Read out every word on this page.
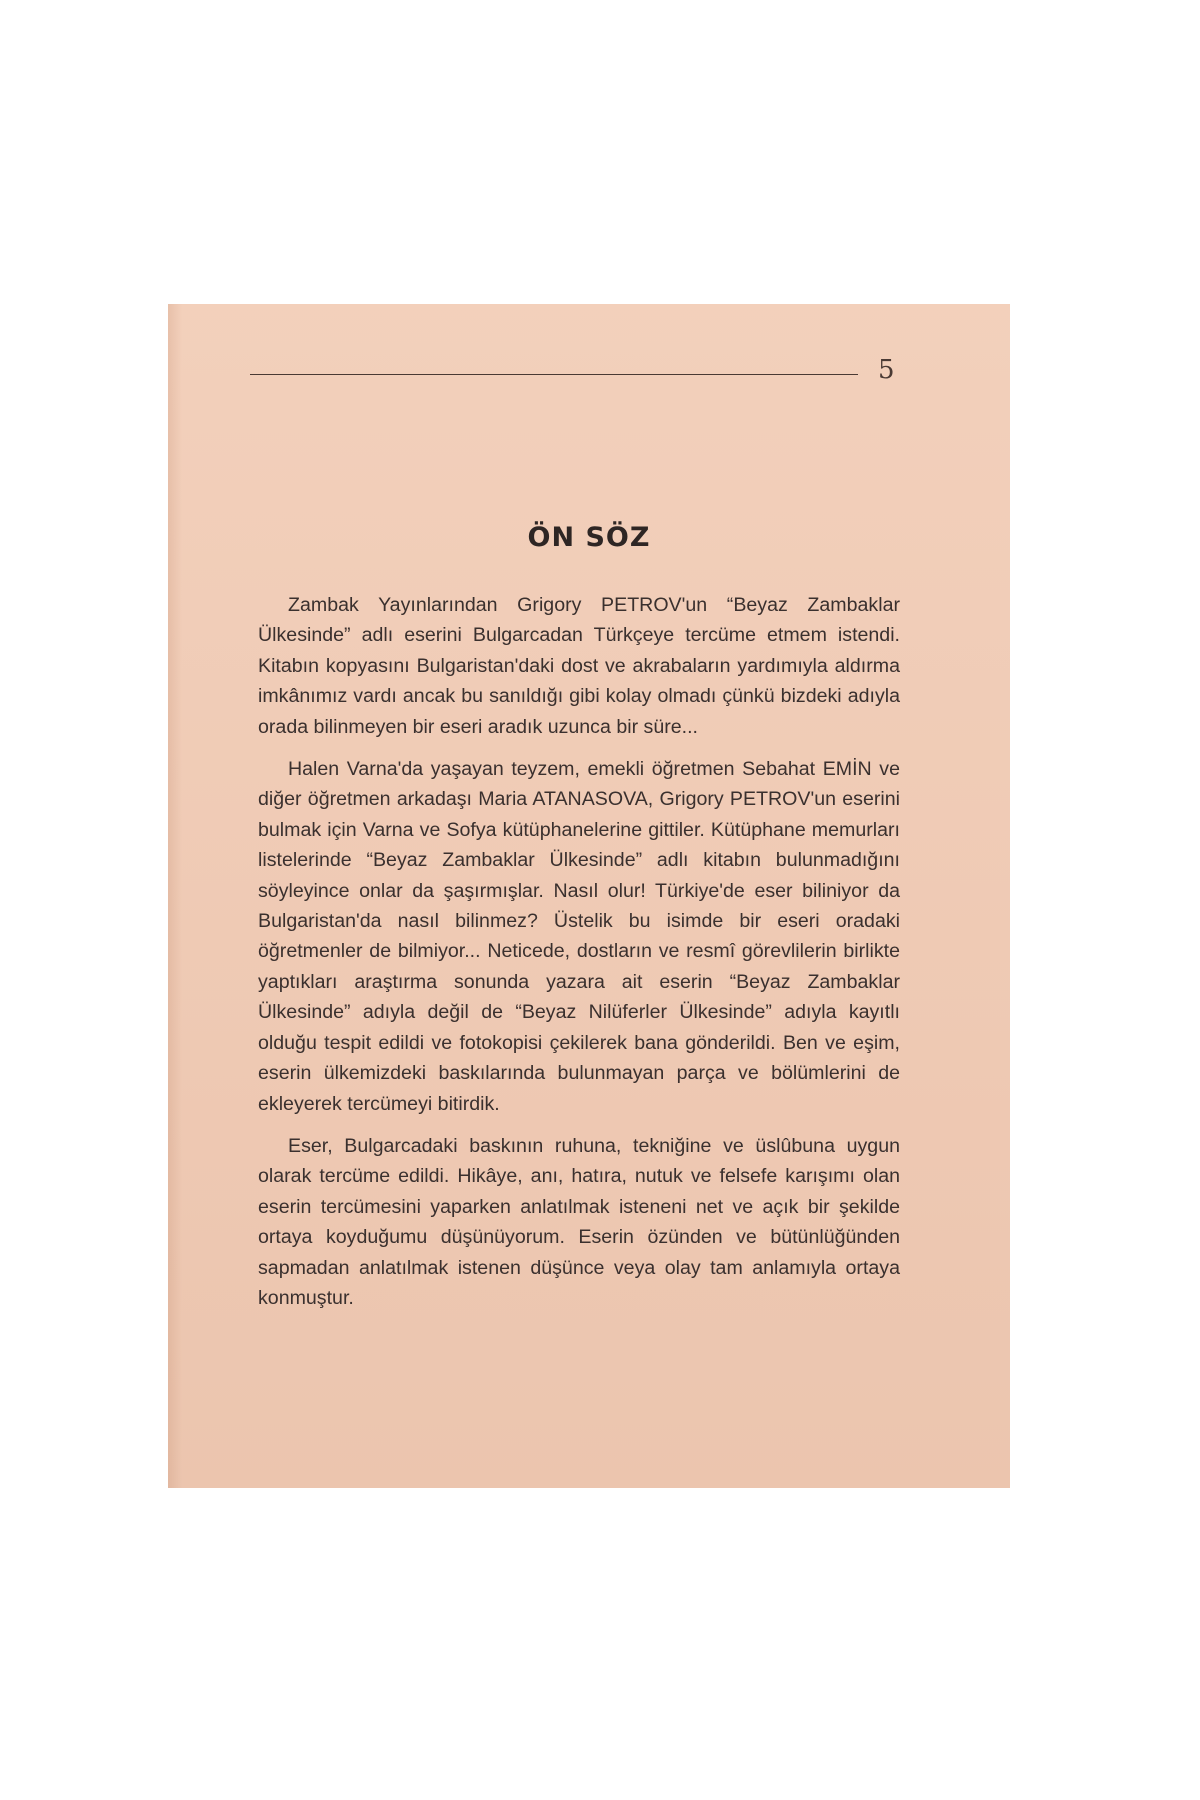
5
ÖN SÖZ

Zambak Yayınlarından Grigory PETROV'un “Beyaz Zambaklar Ülkesinde” adlı eserini Bulgarcadan Türkçeye tercüme etmem istendi. Kitabın kopyasını Bulgaristan'daki dost ve akrabaların yardımıyla aldırma imkânımız vardı ancak bu sanıldığı gibi kolay olmadı çünkü bizdeki adıyla orada bilinmeyen bir eseri aradık uzunca bir süre...

Halen Varna'da yaşayan teyzem, emekli öğretmen Sebahat EMİN ve diğer öğretmen arkadaşı Maria ATANASOVA, Grigory PETROV'un eserini bulmak için Varna ve Sofya kütüphanelerine gittiler. Kütüphane memurları listelerinde “Beyaz Zambaklar Ülkesinde” adlı kitabın bulunmadığını söyleyince onlar da şaşırmışlar. Nasıl olur! Türkiye'de eser biliniyor da Bulgaristan'da nasıl bilinmez? Üstelik bu isimde bir eseri oradaki öğretmenler de bilmiyor... Neticede, dostların ve resmî görevlilerin birlikte yaptıkları araştırma sonunda yazara ait eserin “Beyaz Zambaklar Ülkesinde” adıyla değil de “Beyaz Nilüferler Ülkesinde” adıyla kayıtlı olduğu tespit edildi ve fotokopisi çekilerek bana gönderildi. Ben ve eşim, eserin ülkemizdeki baskılarında bulunmayan parça ve bölümlerini de ekleyerek tercümeyi bitirdik.

Eser, Bulgarcadaki baskının ruhuna, tekniğine ve üslûbuna uygun olarak tercüme edildi. Hikâye, anı, hatıra, nutuk ve felsefe karışımı olan eserin tercümesini yaparken anlatılmak isteneni net ve açık bir şekilde ortaya koyduğumu düşünüyorum. Eserin özünden ve bütünlüğünden sapmadan anlatılmak istenen düşünce veya olay tam anlamıyla ortaya konmuştur.
